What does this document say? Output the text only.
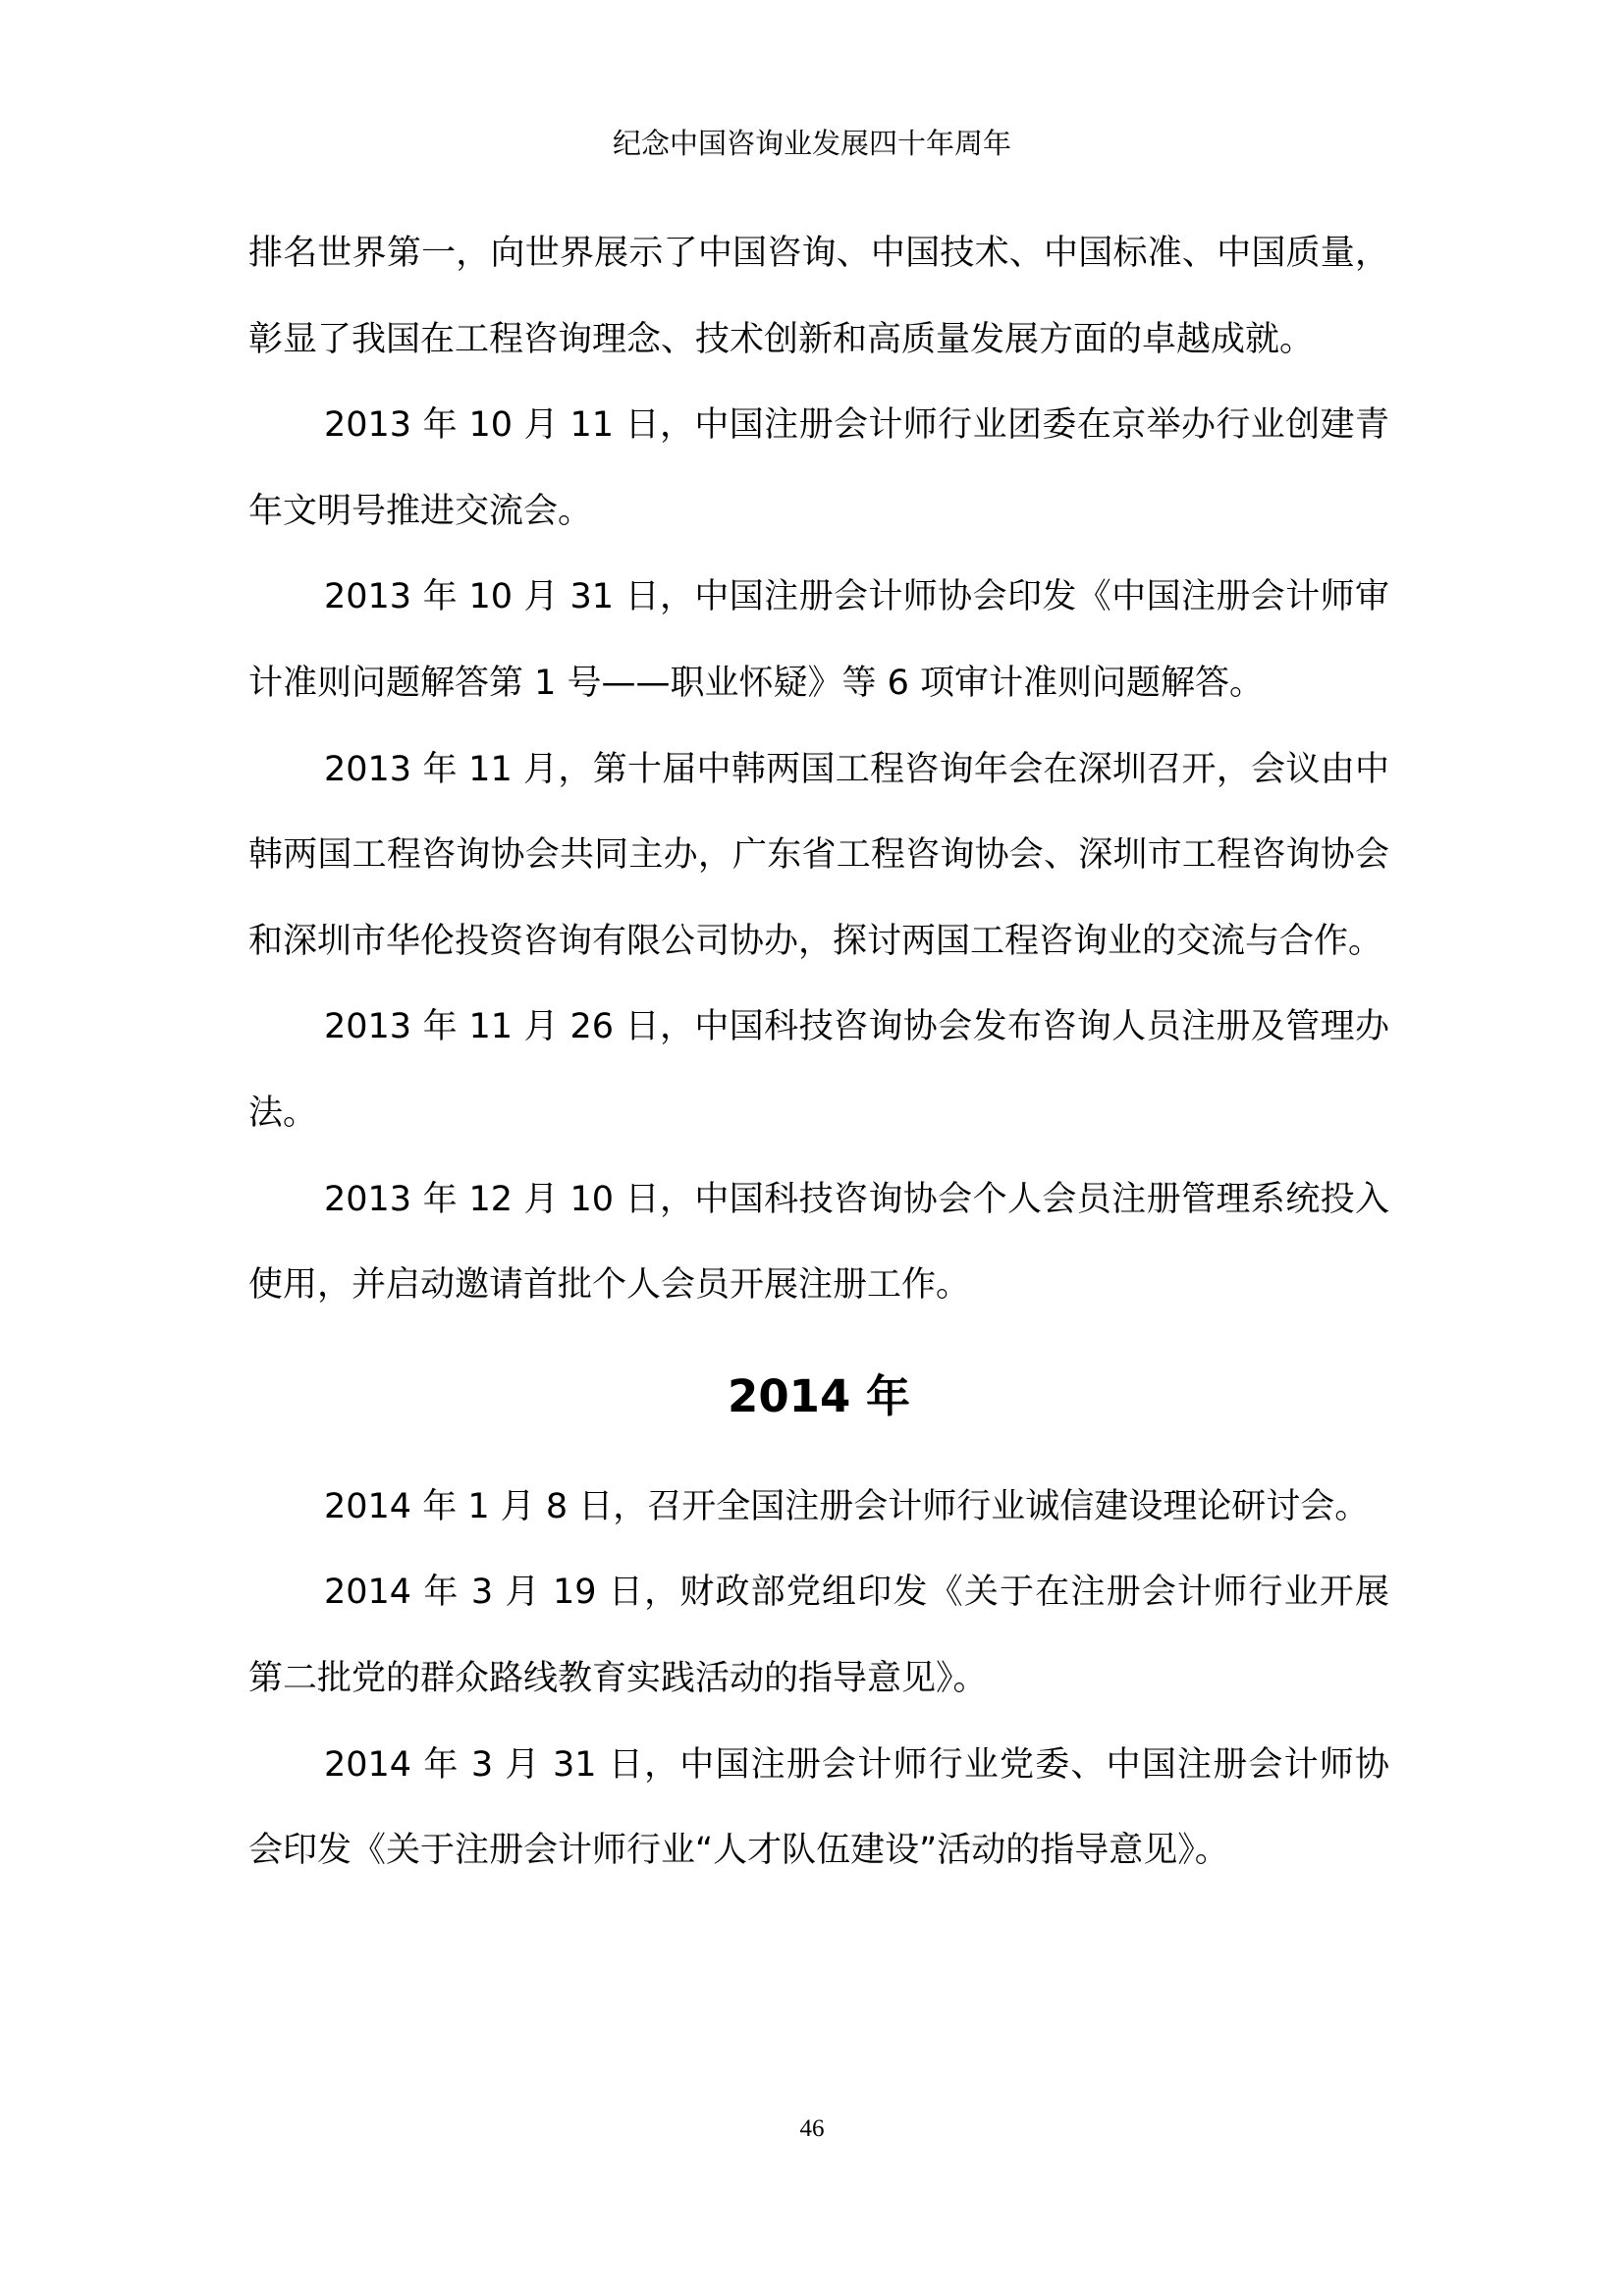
纪念中国咨询业发展四十年周年

排名世界第一，向世界展示了中国咨询、中国技术、中国标准、中国质量，彰显了我国在工程咨询理念、技术创新和高质量发展方面的卓越成就。

2013 年 10 月 11 日，中国注册会计师行业团委在京举办行业创建青年文明号推进交流会。

2013 年 10 月 31 日，中国注册会计师协会印发《中国注册会计师审计准则问题解答第 1 号——职业怀疑》等 6 项审计准则问题解答。

2013 年 11 月，第十届中韩两国工程咨询年会在深圳召开，会议由中韩两国工程咨询协会共同主办，广东省工程咨询协会、深圳市工程咨询协会和深圳市华伦投资咨询有限公司协办，探讨两国工程咨询业的交流与合作。

2013 年 11 月 26 日，中国科技咨询协会发布咨询人员注册及管理办法。

2013 年 12 月 10 日，中国科技咨询协会个人会员注册管理系统投入使用，并启动邀请首批个人会员开展注册工作。

2014 年

2014 年 1 月 8 日，召开全国注册会计师行业诚信建设理论研讨会。

2014 年 3 月 19 日，财政部党组印发《关于在注册会计师行业开展第二批党的群众路线教育实践活动的指导意见》。

2014 年 3 月 31 日，中国注册会计师行业党委、中国注册会计师协会印发《关于注册会计师行业“人才队伍建设”活动的指导意见》。

46
